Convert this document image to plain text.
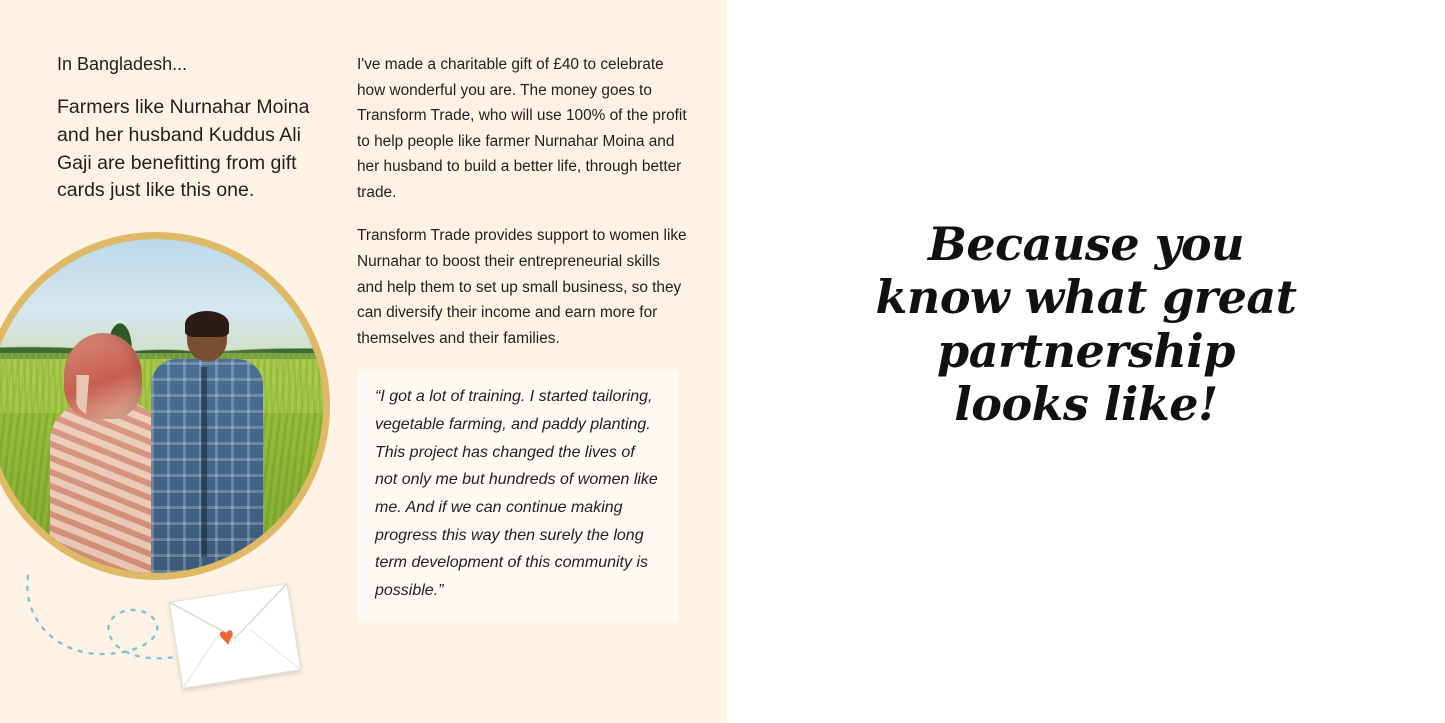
In Bangladesh...

Farmers like Nurnahar Moina and her husband Kuddus Ali Gaji are benefitting from gift cards just like this one.

♥

I've made a charitable gift of £40 to celebrate how wonderful you are. The money goes to Transform Trade, who will use 100% of the profit to help people like farmer Nurnahar Moina and her husband to build a better life, through better trade.

Transform Trade provides support to women like Nurnahar to boost their entrepreneurial skills and help them to set up small business, so they can diversify their income and earn more for themselves and their families.

“I got a lot of training. I started tailoring, vegetable farming, and paddy planting. This project has changed the lives of not only me but hundreds of women like me. And if we can continue making progress this way then surely the long term development of this community is possible.”

Because you
know what great
partnership
looks like!
